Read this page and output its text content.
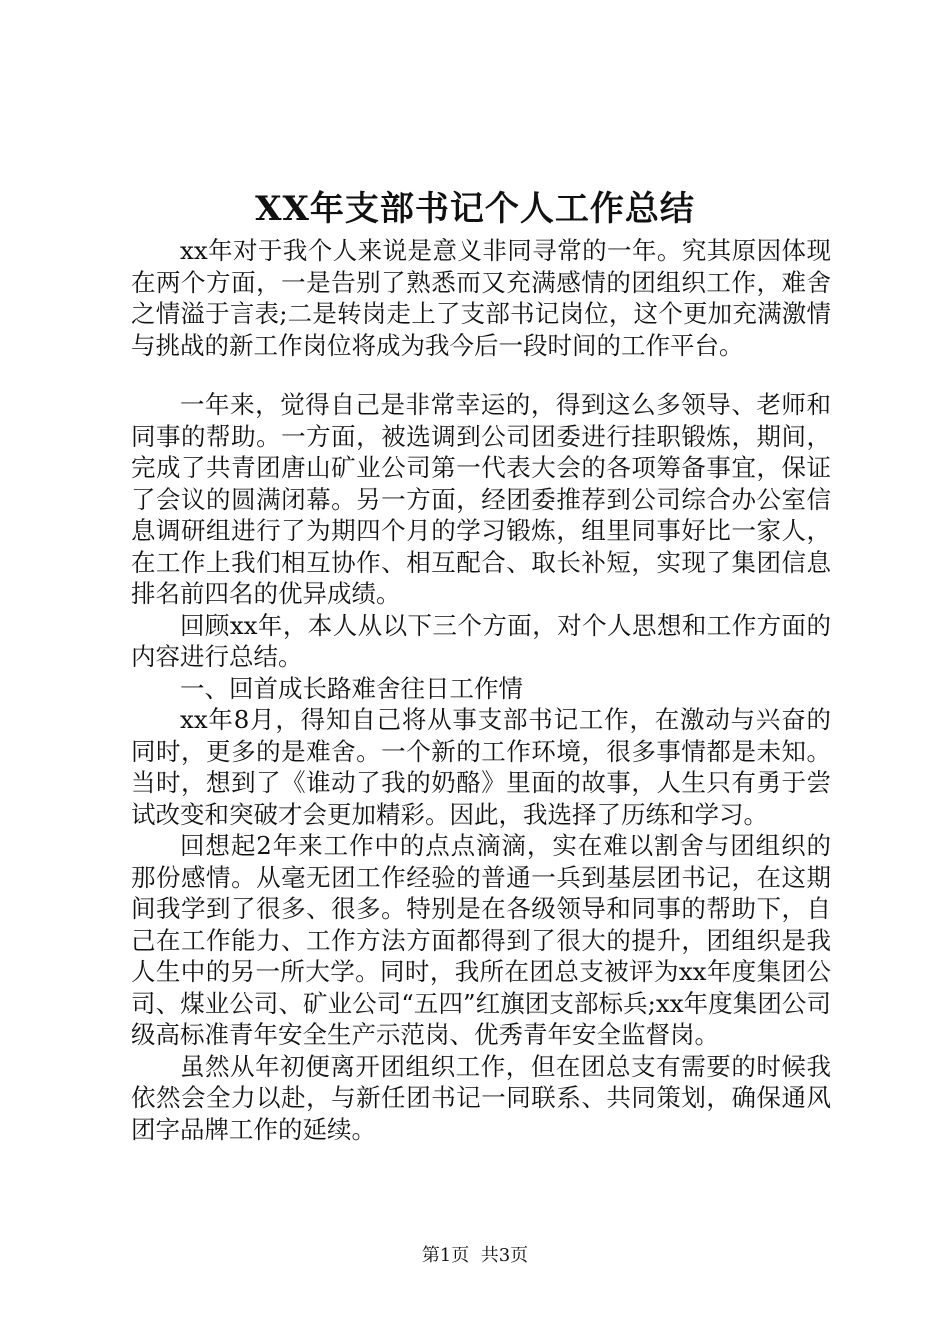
XX年支部书记个人工作总结

xx年对于我个人来说是意义非同寻常的一年。究其原因体现在两个方面，一是告别了熟悉而又充满感情的团组织工作，难舍之情溢于言表;二是转岗走上了支部书记岗位，这个更加充满激情与挑战的新工作岗位将成为我今后一段时间的工作平台。

一年来，觉得自己是非常幸运的，得到这么多领导、老师和同事的帮助。一方面，被选调到公司团委进行挂职锻炼，期间，完成了共青团唐山矿业公司第一代表大会的各项筹备事宜，保证了会议的圆满闭幕。另一方面，经团委推荐到公司综合办公室信息调研组进行了为期四个月的学习锻炼，组里同事好比一家人，在工作上我们相互协作、相互配合、取长补短，实现了集团信息排名前四名的优异成绩。

回顾xx年，本人从以下三个方面，对个人思想和工作方面的内容进行总结。

一、回首成长路难舍往日工作情

xx年8月，得知自己将从事支部书记工作，在激动与兴奋的同时，更多的是难舍。一个新的工作环境，很多事情都是未知。当时，想到了《谁动了我的奶酪》里面的故事，人生只有勇于尝试改变和突破才会更加精彩。因此，我选择了历练和学习。

回想起2年来工作中的点点滴滴，实在难以割舍与团组织的那份感情。从毫无团工作经验的普通一兵到基层团书记，在这期间我学到了很多、很多。特别是在各级领导和同事的帮助下，自己在工作能力、工作方法方面都得到了很大的提升，团组织是我人生中的另一所大学。同时，我所在团总支被评为xx年度集团公司、煤业公司、矿业公司“五四”红旗团支部标兵;xx年度集团公司级高标准青年安全生产示范岗、优秀青年安全监督岗。

虽然从年初便离开团组织工作，但在团总支有需要的时候我依然会全力以赴，与新任团书记一同联系、共同策划，确保通风团字品牌工作的延续。

第1页 共3页
